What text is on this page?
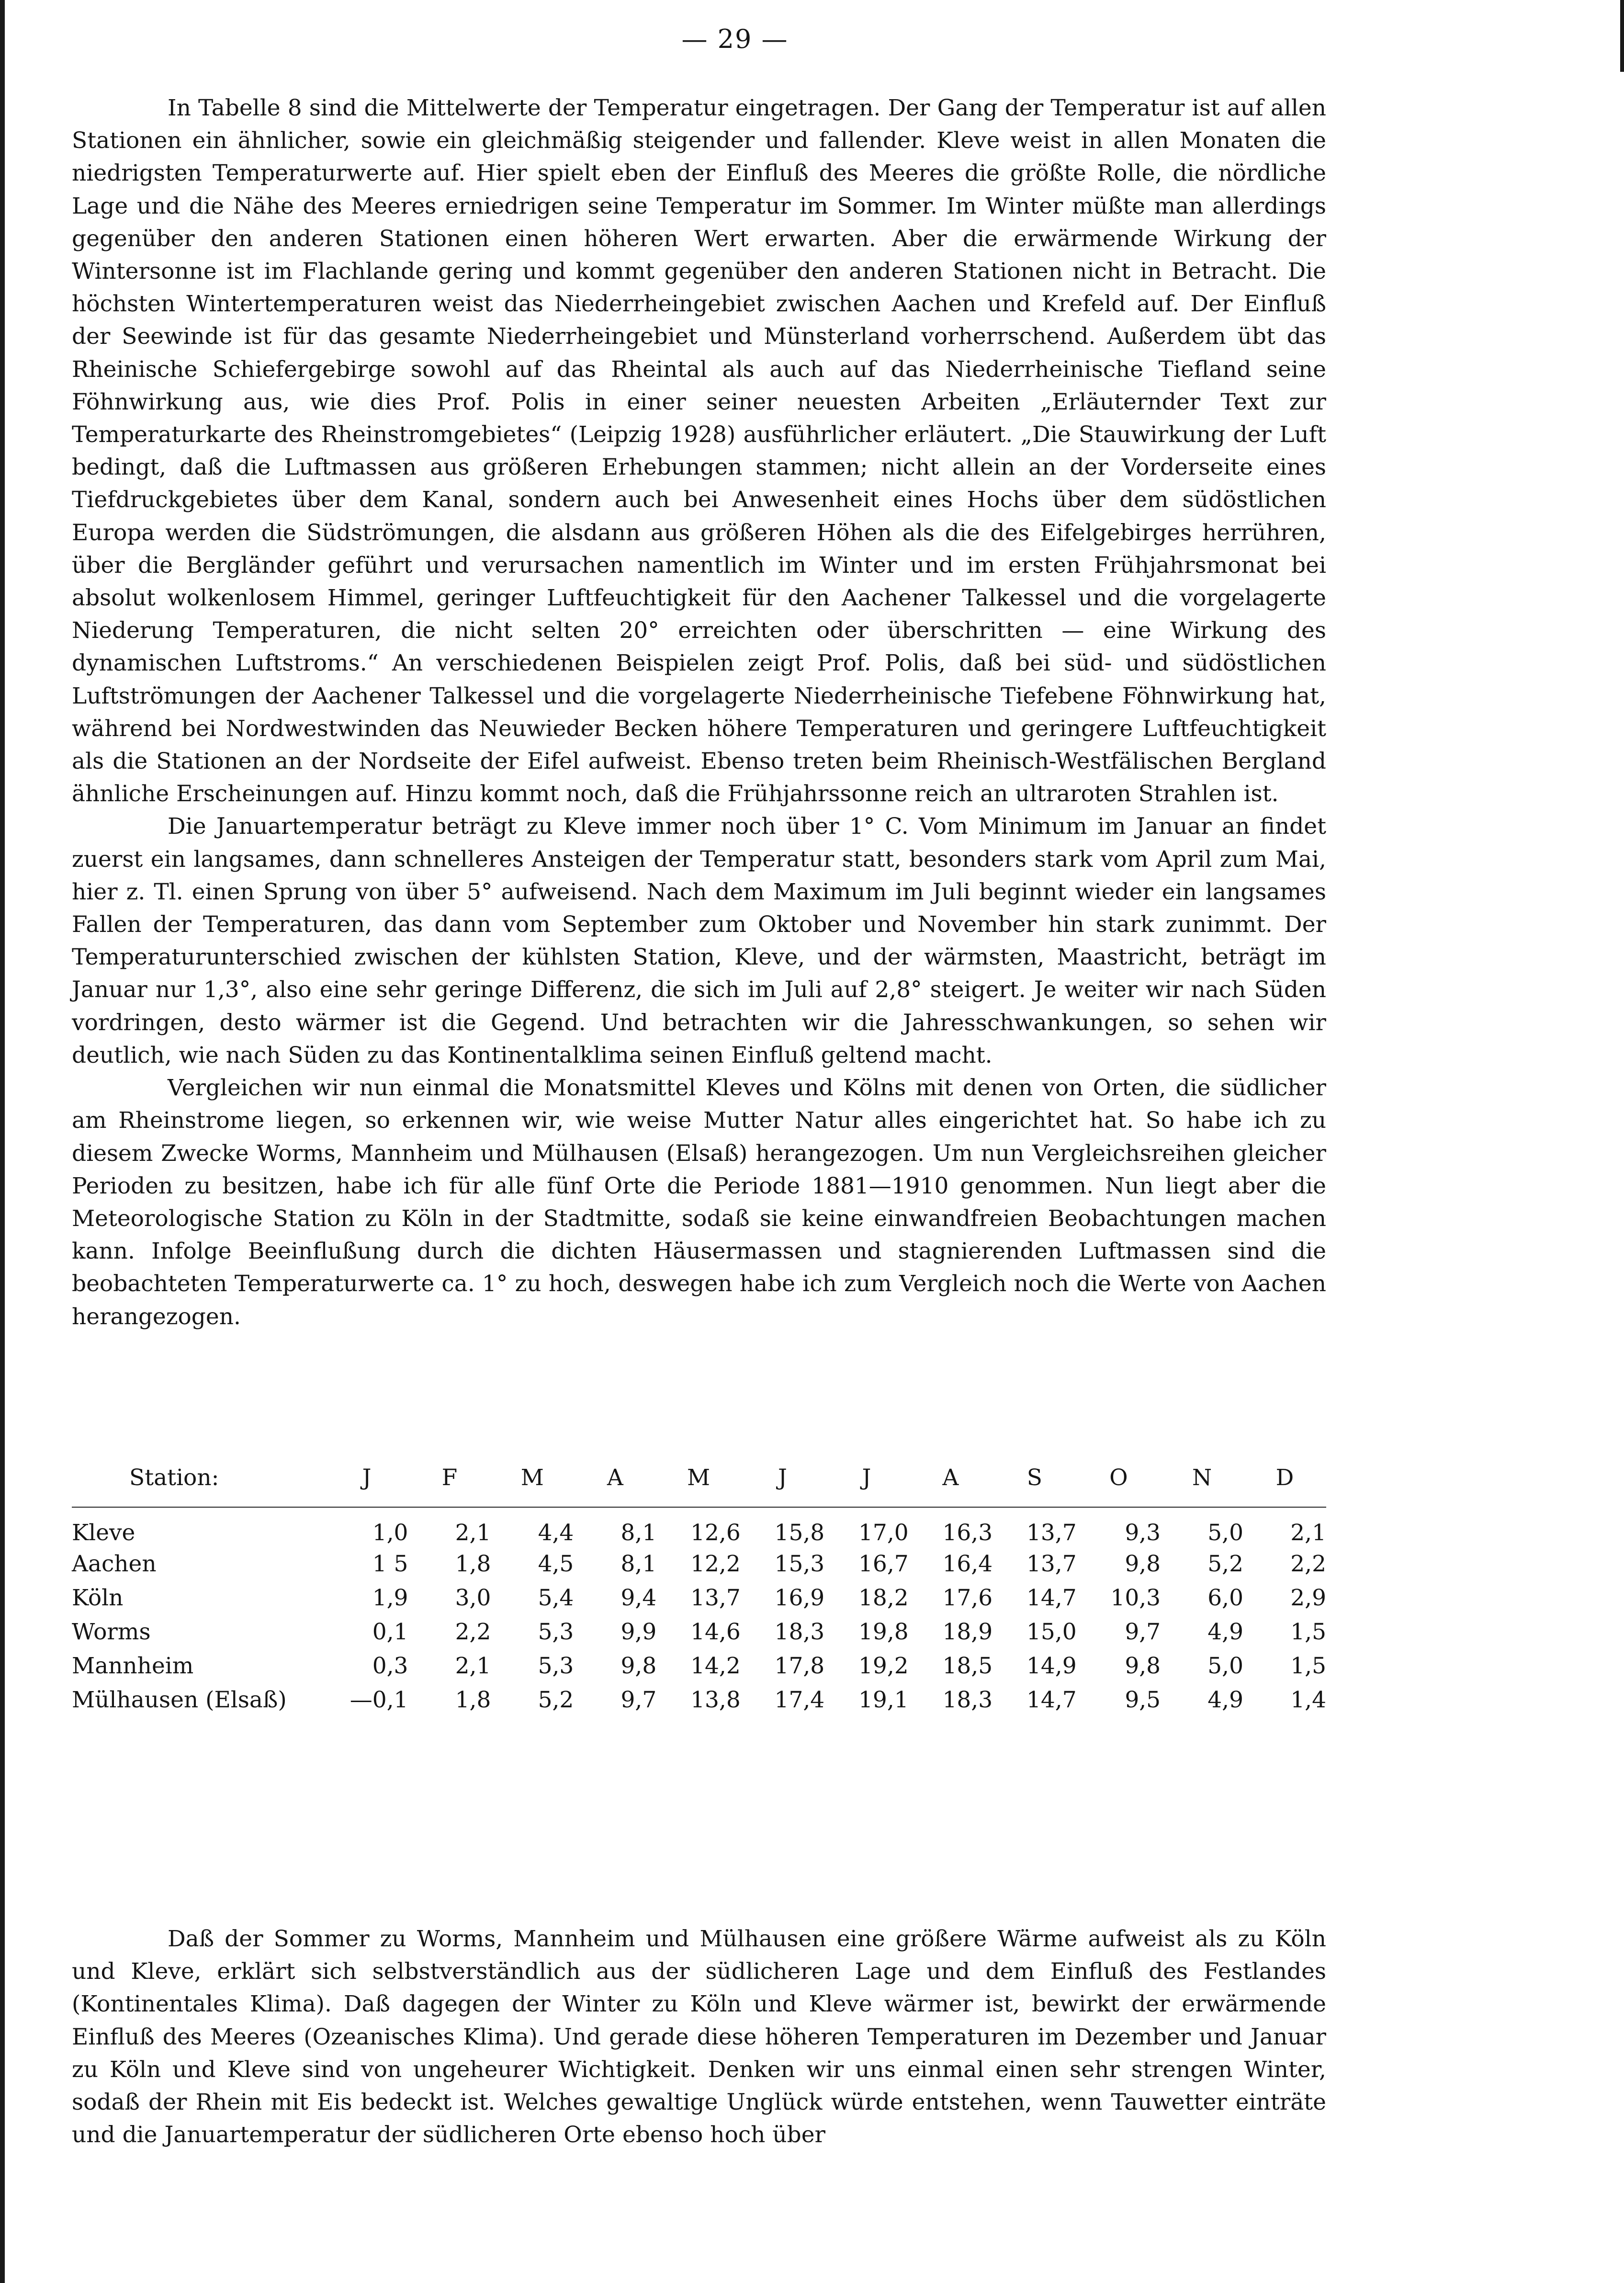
— 29 —

In Tabelle 8 sind die Mittelwerte der Temperatur eingetragen. Der Gang der Temperatur ist auf allen Stationen ein ähnlicher, sowie ein gleichmäßig steigender und fallender. Kleve weist in allen Monaten die niedrigsten Temperaturwerte auf. Hier spielt eben der Einfluß des Meeres die größte Rolle, die nördliche Lage und die Nähe des Meeres erniedrigen seine Temperatur im Sommer. Im Winter müßte man allerdings gegenüber den anderen Stationen einen höheren Wert erwarten. Aber die erwärmende Wirkung der Wintersonne ist im Flachlande gering und kommt gegenüber den anderen Stationen nicht in Betracht. Die höchsten Wintertemperaturen weist das Niederrheingebiet zwischen Aachen und Krefeld auf. Der Einfluß der Seewinde ist für das gesamte Niederrheingebiet und Münsterland vorherrschend. Außerdem übt das Rheinische Schiefergebirge sowohl auf das Rheintal als auch auf das Niederrheinische Tiefland seine Föhnwirkung aus, wie dies Prof. Polis in einer seiner neuesten Arbeiten „Erläuternder Text zur Temperaturkarte des Rheinstromgebietes“ (Leipzig 1928) ausführlicher erläutert. „Die Stauwirkung der Luft bedingt, daß die Luftmassen aus größeren Erhebungen stammen; nicht allein an der Vorderseite eines Tiefdruckgebietes über dem Kanal, sondern auch bei Anwesenheit eines Hochs über dem südöstlichen Europa werden die Südströmungen, die alsdann aus größeren Höhen als die des Eifelgebirges herrühren, über die Bergländer geführt und verursachen namentlich im Winter und im ersten Frühjahrsmonat bei absolut wolkenlosem Himmel, geringer Luftfeuchtigkeit für den Aachener Talkessel und die vorgelagerte Niederung Temperaturen, die nicht selten 20° erreichten oder überschritten — eine Wirkung des dynamischen Luftstroms.“ An verschiedenen Beispielen zeigt Prof. Polis, daß bei süd- und südöstlichen Luftströmungen der Aachener Talkessel und die vorgelagerte Niederrheinische Tiefebene Föhnwirkung hat, während bei Nordwestwinden das Neuwieder Becken höhere Temperaturen und geringere Luftfeuchtigkeit als die Stationen an der Nordseite der Eifel aufweist. Ebenso treten beim Rheinisch-Westfälischen Bergland ähnliche Erscheinungen auf. Hinzu kommt noch, daß die Frühjahrssonne reich an ultraroten Strahlen ist.

Die Januartemperatur beträgt zu Kleve immer noch über 1° C. Vom Minimum im Januar an findet zuerst ein langsames, dann schnelleres Ansteigen der Temperatur statt, besonders stark vom April zum Mai, hier z. Tl. einen Sprung von über 5° aufweisend. Nach dem Maximum im Juli beginnt wieder ein langsames Fallen der Temperaturen, das dann vom September zum Oktober und November hin stark zunimmt. Der Temperaturunterschied zwischen der kühlsten Station, Kleve, und der wärmsten, Maastricht, beträgt im Januar nur 1,3°, also eine sehr geringe Differenz, die sich im Juli auf 2,8° steigert. Je weiter wir nach Süden vordringen, desto wärmer ist die Gegend. Und betrachten wir die Jahresschwankungen, so sehen wir deutlich, wie nach Süden zu das Kontinentalklima seinen Einfluß geltend macht.

Vergleichen wir nun einmal die Monatsmittel Kleves und Kölns mit denen von Orten, die südlicher am Rheinstrome liegen, so erkennen wir, wie weise Mutter Natur alles eingerichtet hat. So habe ich zu diesem Zwecke Worms, Mannheim und Mülhausen (Elsaß) herangezogen. Um nun Vergleichsreihen gleicher Perioden zu besitzen, habe ich für alle fünf Orte die Periode 1881—1910 genommen. Nun liegt aber die Meteorologische Station zu Köln in der Stadtmitte, sodaß sie keine einwandfreien Beobachtungen machen kann. Infolge Beeinflußung durch die dichten Häusermassen und stagnierenden Luftmassen sind die beobachteten Temperaturwerte ca. 1° zu hoch, deswegen habe ich zum Vergleich noch die Werte von Aachen herangezogen.

Station:	J	F	M	A	M	J	J	A	S	O	N	D
Kleve	1,0	2,1	4,4	8,1	12,6	15,8	17,0	16,3	13,7	9,3	5,0	2,1
Aachen	1 5	1,8	4,5	8,1	12,2	15,3	16,7	16,4	13,7	9,8	5,2	2,2
Köln	1,9	3,0	5,4	9,4	13,7	16,9	18,2	17,6	14,7	10,3	6,0	2,9
Worms	0,1	2,2	5,3	9,9	14,6	18,3	19,8	18,9	15,0	9,7	4,9	1,5
Mannheim	0,3	2,1	5,3	9,8	14,2	17,8	19,2	18,5	14,9	9,8	5,0	1,5
Mülhausen (Elsaß)	—0,1	1,8	5,2	9,7	13,8	17,4	19,1	18,3	14,7	9,5	4,9	1,4

Daß der Sommer zu Worms, Mannheim und Mülhausen eine größere Wärme aufweist als zu Köln und Kleve, erklärt sich selbstverständlich aus der südlicheren Lage und dem Einfluß des Festlandes (Kontinentales Klima). Daß dagegen der Winter zu Köln und Kleve wärmer ist, bewirkt der erwärmende Einfluß des Meeres (Ozeanisches Klima). Und gerade diese höheren Temperaturen im Dezember und Januar zu Köln und Kleve sind von ungeheurer Wichtigkeit. Denken wir uns einmal einen sehr strengen Winter, sodaß der Rhein mit Eis bedeckt ist. Welches gewaltige Unglück würde entstehen, wenn Tauwetter einträte und die Januartemperatur der südlicheren Orte ebenso hoch über
